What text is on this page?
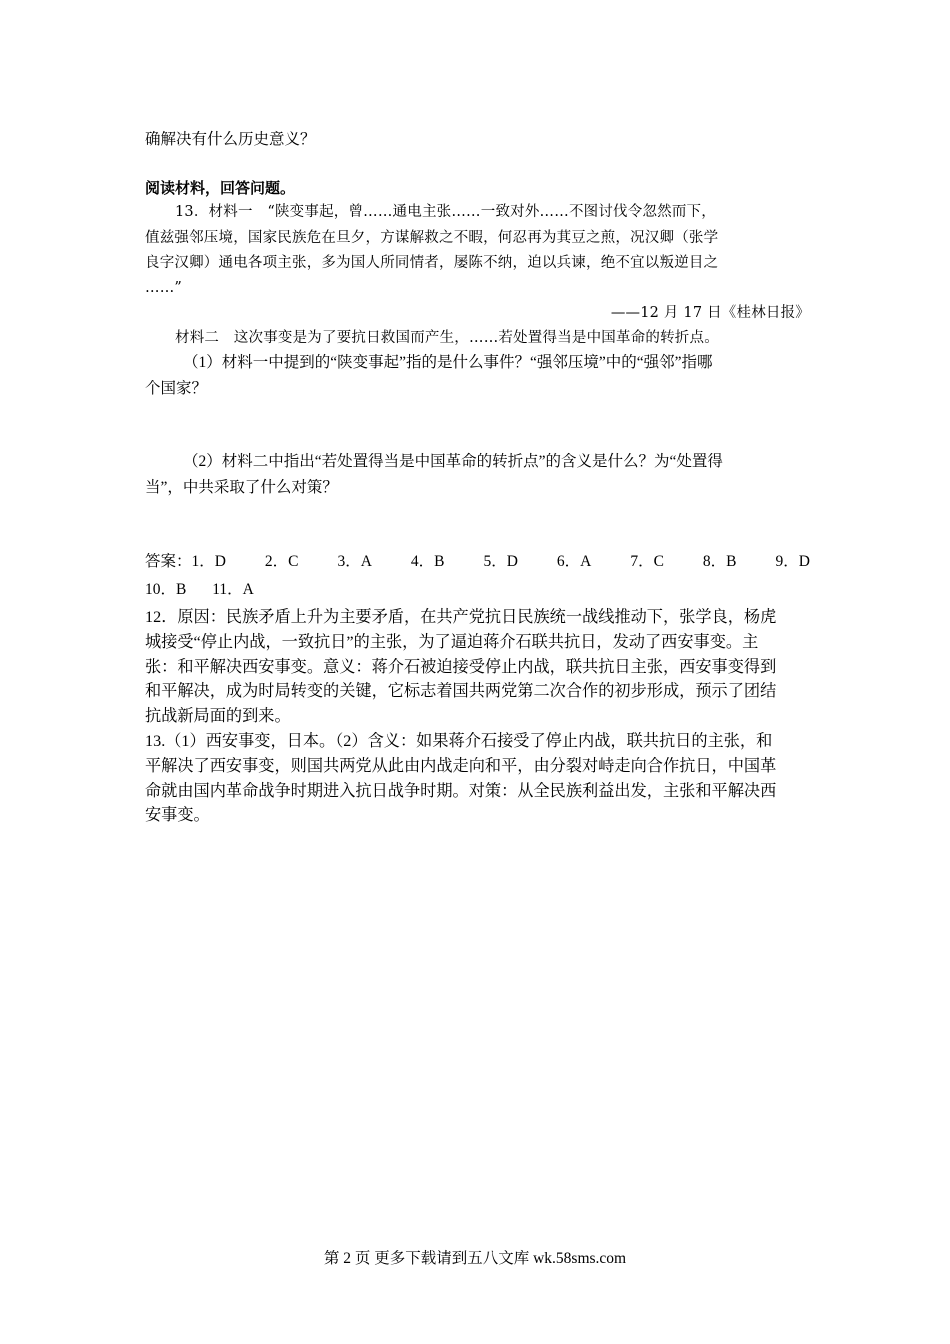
确解决有什么历史意义？
阅读材料，回答问题。
13．材料一　“陕变事起，曾……通电主张……一致对外……不图讨伐令忽然而下，
值兹强邻压境，国家民族危在旦夕，方谋解救之不暇，何忍再为萁豆之煎，况汉卿（张学
良字汉卿）通电各项主张，多为国人所同情者，屡陈不纳，迫以兵谏，绝不宜以叛逆目之
……”
——12 月 17 日《桂林日报》
材料二　这次事变是为了要抗日救国而产生，……若处置得当是中国革命的转折点。
（1）材料一中提到的“陕变事起”指的是什么事件？“强邻压境”中的“强邻”指哪
个国家？
（2）材料二中指出“若处置得当是中国革命的转折点”的含义是什么？为“处置得
当”，中共采取了什么对策？
答案：1．D	2．C	3．A	4．B	5．D	6．A	7．C	8．B	9．D
10．B 11．A
12．原因：民族矛盾上升为主要矛盾，在共产党抗日民族统一战线推动下，张学良，杨虎
城接受“停止内战，一致抗日”的主张，为了逼迫蒋介石联共抗日，发动了西安事变。主
张：和平解决西安事变。意义：蒋介石被迫接受停止内战，联共抗日主张，西安事变得到
和平解决，成为时局转变的关键，它标志着国共两党第二次合作的初步形成，预示了团结
抗战新局面的到来。
13.（1）西安事变，日本。（2）含义：如果蒋介石接受了停止内战，联共抗日的主张，和
平解决了西安事变，则国共两党从此由内战走向和平，由分裂对峙走向合作抗日，中国革
命就由国内革命战争时期进入抗日战争时期。对策：从全民族利益出发，主张和平解决西
安事变。
第 2 页 更多下载请到五八文库 wk.58sms.com
